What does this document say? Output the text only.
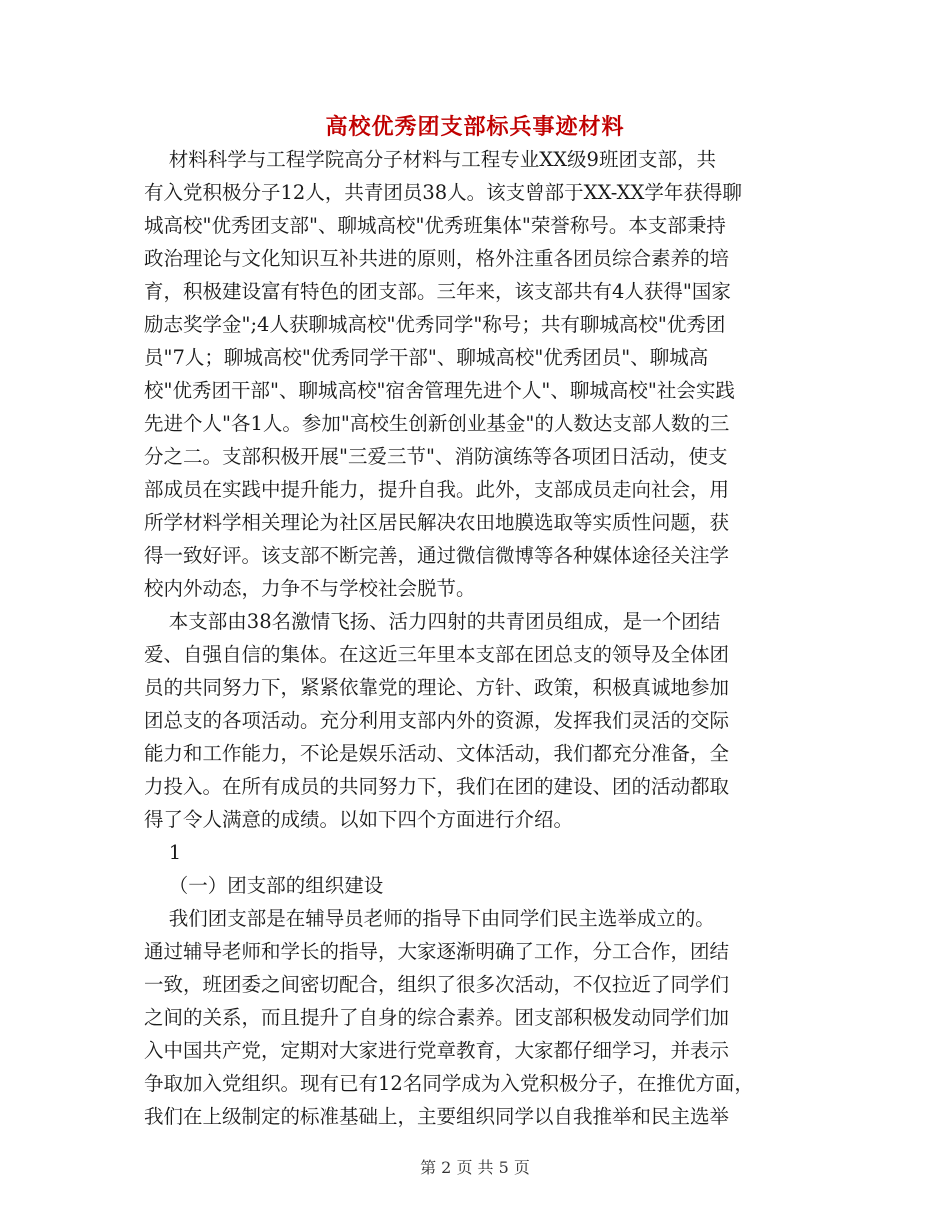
高校优秀团支部标兵事迹材料
材料科学与工程学院高分子材料与工程专业XX级9班团支部，共
有入党积极分子12人，共青团员38人。该支曾部于XX-XX学年获得聊
城高校"优秀团支部"、聊城高校"优秀班集体"荣誉称号。本支部秉持
政治理论与文化知识互补共进的原则，格外注重各团员综合素养的培
育，积极建设富有特色的团支部。三年来，该支部共有4人获得"国家
励志奖学金";4人获聊城高校"优秀同学"称号；共有聊城高校"优秀团
员"7人；聊城高校"优秀同学干部"、聊城高校"优秀团员"、聊城高
校"优秀团干部"、聊城高校"宿舍管理先进个人"、聊城高校"社会实践
先进个人"各1人。参加"高校生创新创业基金"的人数达支部人数的三
分之二。支部积极开展"三爱三节"、消防演练等各项团日活动，使支
部成员在实践中提升能力，提升自我。此外，支部成员走向社会，用
所学材料学相关理论为社区居民解决农田地膜选取等实质性问题，获
得一致好评。该支部不断完善，通过微信微博等各种媒体途径关注学
校内外动态，力争不与学校社会脱节。
本支部由38名激情飞扬、活力四射的共青团员组成，是一个团结
爱、自强自信的集体。在这近三年里本支部在团总支的领导及全体团
员的共同努力下，紧紧依靠党的理论、方针、政策，积极真诚地参加
团总支的各项活动。充分利用支部内外的资源，发挥我们灵活的交际
能力和工作能力，不论是娱乐活动、文体活动，我们都充分准备，全
力投入。在所有成员的共同努力下，我们在团的建设、团的活动都取
得了令人满意的成绩。以如下四个方面进行介绍。
1
（一）团支部的组织建设
我们团支部是在辅导员老师的指导下由同学们民主选举成立的。
通过辅导老师和学长的指导，大家逐渐明确了工作，分工合作，团结
一致，班团委之间密切配合，组织了很多次活动，不仅拉近了同学们
之间的关系，而且提升了自身的综合素养。团支部积极发动同学们加
入中国共产党，定期对大家进行党章教育，大家都仔细学习，并表示
争取加入党组织。现有已有12名同学成为入党积极分子，在推优方面，
我们在上级制定的标准基础上，主要组织同学以自我推举和民主选举
第 2 页 共 5 页
